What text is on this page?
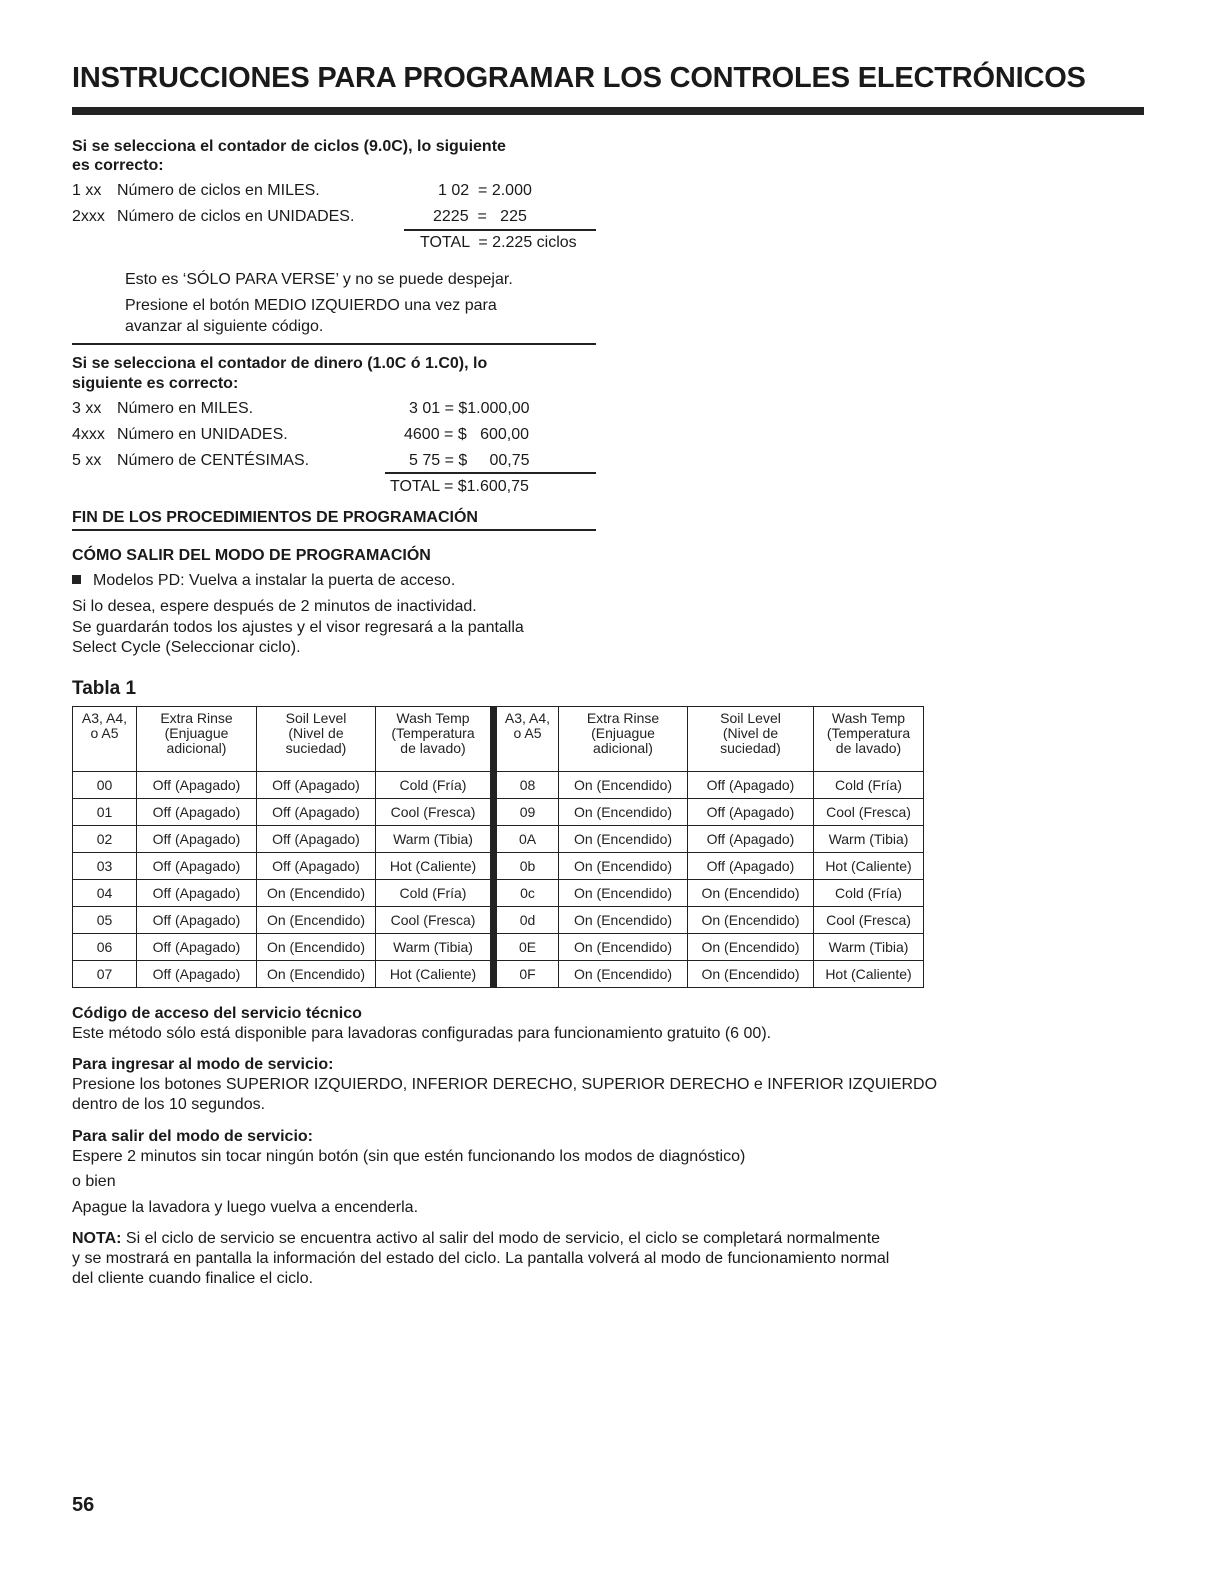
INSTRUCCIONES PARA PROGRAMAR LOS CONTROLES ELECTRÓNICOS
Si se selecciona el contador de ciclos (9.0C), lo siguiente
es correcto:
1 xx Número de ciclos en MILES.	1 02  = 2.000
2xxx Número de ciclos en UNIDADES.	2225  =   225
TOTAL  = 2.225 ciclos
Esto es ‘SÓLO PARA VERSE’ y no se puede despejar.
Presione el botón MEDIO IZQUIERDO una vez para
avanzar al siguiente código.
Si se selecciona el contador de dinero (1.0C ó 1.C0), lo
siguiente es correcto:
3 xx Número en MILES.	3 01 = $1.000,00
4xxx Número en UNIDADES.	4600 = $   600,00
5 xx Número de CENTÉSIMAS.	5 75 = $     00,75
TOTAL = $1.600,75
FIN DE LOS PROCEDIMIENTOS DE PROGRAMACIÓN
CÓMO SALIR DEL MODO DE PROGRAMACIÓN
Modelos PD: Vuelva a instalar la puerta de acceso.
Si lo desea, espere después de 2 minutos de inactividad.
Se guardarán todos los ajustes y el visor regresará a la pantalla
Select Cycle (Seleccionar ciclo).
Tabla 1
A3, A4,
o A5	Extra Rinse
(Enjuague
adicional)	Soil Level
(Nivel de
suciedad)	Wash Temp
(Temperatura
de lavado)	A3, A4,
o A5	Extra Rinse
(Enjuague
adicional)	Soil Level
(Nivel de
suciedad)	Wash Temp
(Temperatura
de lavado)
00	Off (Apagado)	Off (Apagado)	Cold (Fría)	08	On (Encendido)	Off (Apagado)	Cold (Fría)
01	Off (Apagado)	Off (Apagado)	Cool (Fresca)	09	On (Encendido)	Off (Apagado)	Cool (Fresca)
02	Off (Apagado)	Off (Apagado)	Warm (Tibia)	0A	On (Encendido)	Off (Apagado)	Warm (Tibia)
03	Off (Apagado)	Off (Apagado)	Hot (Caliente)	0b	On (Encendido)	Off (Apagado)	Hot (Caliente)
04	Off (Apagado)	On (Encendido)	Cold (Fría)	0c	On (Encendido)	On (Encendido)	Cold (Fría)
05	Off (Apagado)	On (Encendido)	Cool (Fresca)	0d	On (Encendido)	On (Encendido)	Cool (Fresca)
06	Off (Apagado)	On (Encendido)	Warm (Tibia)	0E	On (Encendido)	On (Encendido)	Warm (Tibia)
07	Off (Apagado)	On (Encendido)	Hot (Caliente)	0F	On (Encendido)	On (Encendido)	Hot (Caliente)
Código de acceso del servicio técnico
Este método sólo está disponible para lavadoras configuradas para funcionamiento gratuito (6 00).
Para ingresar al modo de servicio:
Presione los botones SUPERIOR IZQUIERDO, INFERIOR DERECHO, SUPERIOR DERECHO e INFERIOR IZQUIERDO
dentro de los 10 segundos.
Para salir del modo de servicio:
Espere 2 minutos sin tocar ningún botón (sin que estén funcionando los modos de diagnóstico)
o bien
Apague la lavadora y luego vuelva a encenderla.
NOTA: Si el ciclo de servicio se encuentra activo al salir del modo de servicio, el ciclo se completará normalmente
y se mostrará en pantalla la información del estado del ciclo. La pantalla volverá al modo de funcionamiento normal
del cliente cuando finalice el ciclo.
56
